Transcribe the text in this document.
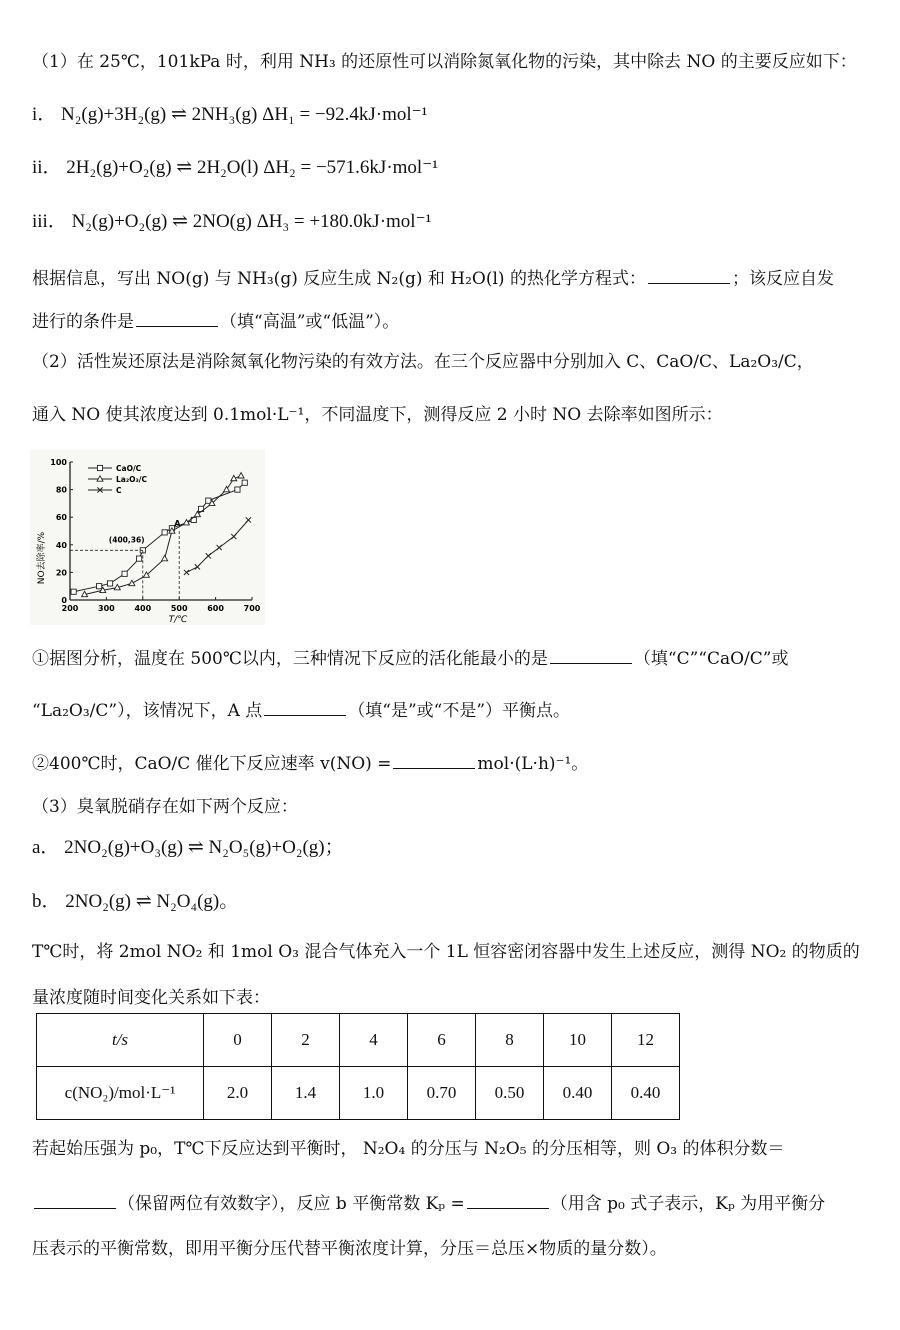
（1）在 25℃，101kPa 时，利用 NH₃ 的还原性可以消除氮氧化物的污染，其中除去 NO 的主要反应如下：
i． N₂(g)+3H₂(g) ⇌ 2NH₃(g) ΔH₁ = −92.4kJ·mol⁻¹
ii． 2H₂(g)+O₂(g) ⇌ 2H₂O(l) ΔH₂ = −571.6kJ·mol⁻¹
iii． N₂(g)+O₂(g) ⇌ 2NO(g) ΔH₃ = +180.0kJ·mol⁻¹
根据信息，写出 NO(g) 与 NH₃(g) 反应生成 N₂(g) 和 H₂O(l) 的热化学方程式：	；该反应自发
进行的条件是	（填“高温”或“低温”）。
（2）活性炭还原法是消除氮氧化物污染的有效方法。在三个反应器中分别加入 C、CaO/C、La₂O₃/C，
通入 NO 使其浓度达到 0.1mol·L⁻¹，不同温度下，测得反应 2 小时 NO 去除率如图所示：
200 300 400 500 600 700
0
20
40
60
80
100
CaO/C
La₂O₃/C
C
(400,36)
A
NO去除率/%
T/℃
①据图分析，温度在 500℃以内，三种情况下反应的活化能最小的是	（填“C”“CaO/C”或
“La₂O₃/C”），该情况下，A 点	（填“是”或“不是”）平衡点。
②400℃时，CaO/C 催化下反应速率 v(NO) =	mol·(L·h)⁻¹。
（3）臭氧脱硝存在如下两个反应：
a． 2NO₂(g)+O₃(g) ⇌ N₂O₅(g)+O₂(g)；
b． 2NO₂(g) ⇌ N₂O₄(g)。
T℃时，将 2mol NO₂ 和 1mol O₃ 混合气体充入一个 1L 恒容密闭容器中发生上述反应，测得 NO₂ 的物质的
量浓度随时间变化关系如下表：
t/s	0	2	4	6	8	10	12
c(NO₂)/mol·L⁻¹	2.0	1.4	1.0	0.70	0.50	0.40	0.40
若起始压强为 p₀，T℃下反应达到平衡时， N₂O₄ 的分压与 N₂O₅ 的分压相等，则 O₃ 的体积分数＝
（保留两位有效数字），反应 b 平衡常数 Kₚ =	（用含 p₀ 式子表示，Kₚ 为用平衡分
压表示的平衡常数，即用平衡分压代替平衡浓度计算，分压＝总压×物质的量分数）。
